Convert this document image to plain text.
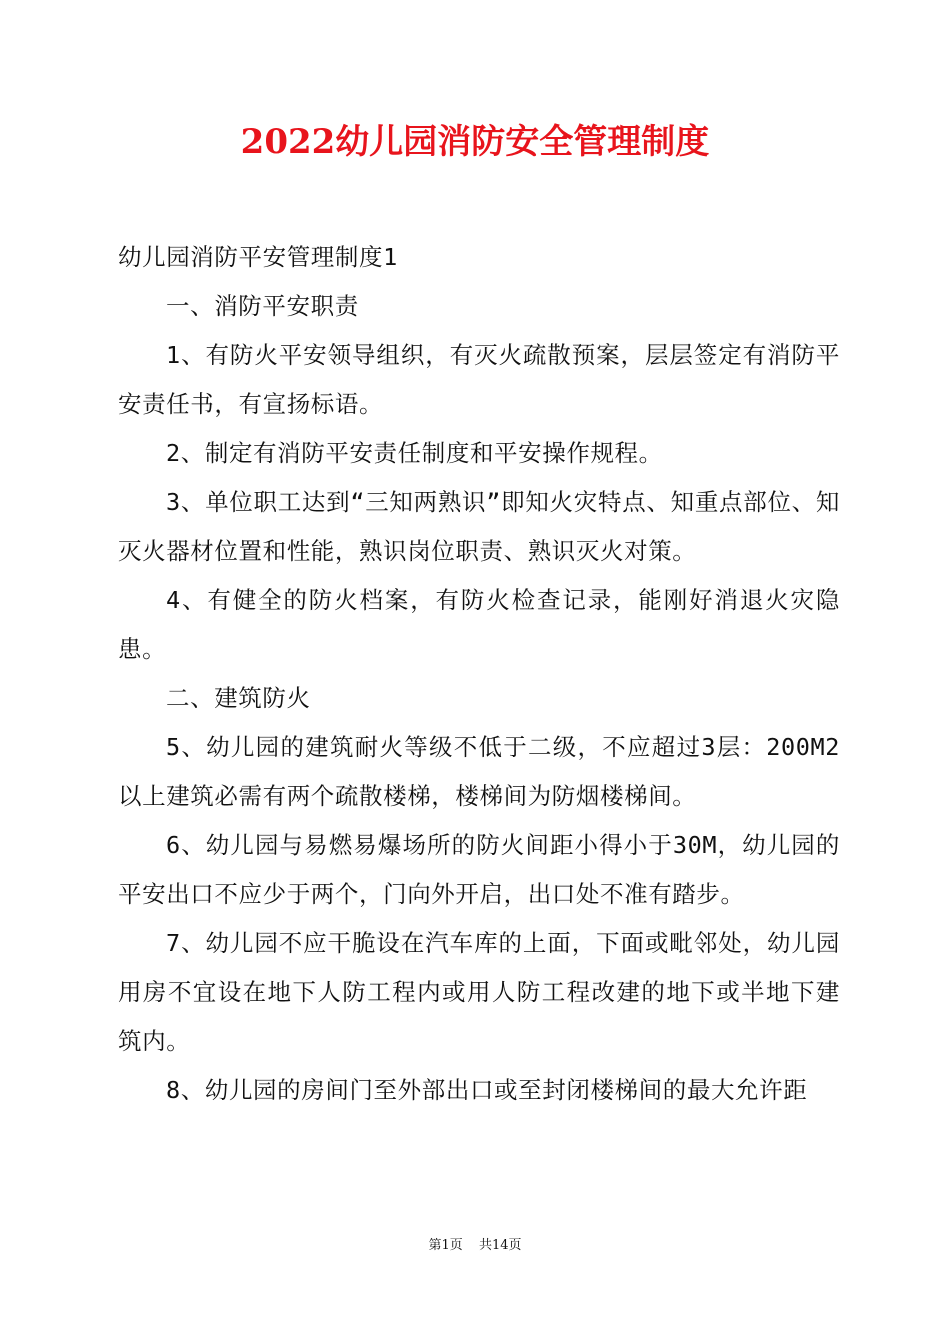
2022幼儿园消防安全管理制度

幼儿园消防平安管理制度1

一、消防平安职责

1、有防火平安领导组织，有灭火疏散预案，层层签定有消防平安责任书，有宣扬标语。

2、制定有消防平安责任制度和平安操作规程。

3、单位职工达到“三知两熟识”即知火灾特点、知重点部位、知灭火器材位置和性能，熟识岗位职责、熟识灭火对策。

4、有健全的防火档案，有防火检查记录，能刚好消退火灾隐患。

二、建筑防火

5、幼儿园的建筑耐火等级不低于二级，不应超过3层：200M2以上建筑必需有两个疏散楼梯，楼梯间为防烟楼梯间。

6、幼儿园与易燃易爆场所的防火间距小得小于30M，幼儿园的平安出口不应少于两个，门向外开启，出口处不准有踏步。

7、幼儿园不应干脆设在汽车库的上面，下面或毗邻处，幼儿园用房不宜设在地下人防工程内或用人防工程改建的地下或半地下建筑内。

8、幼儿园的房间门至外部出口或至封闭楼梯间的最大允许距

第1页 共14页
